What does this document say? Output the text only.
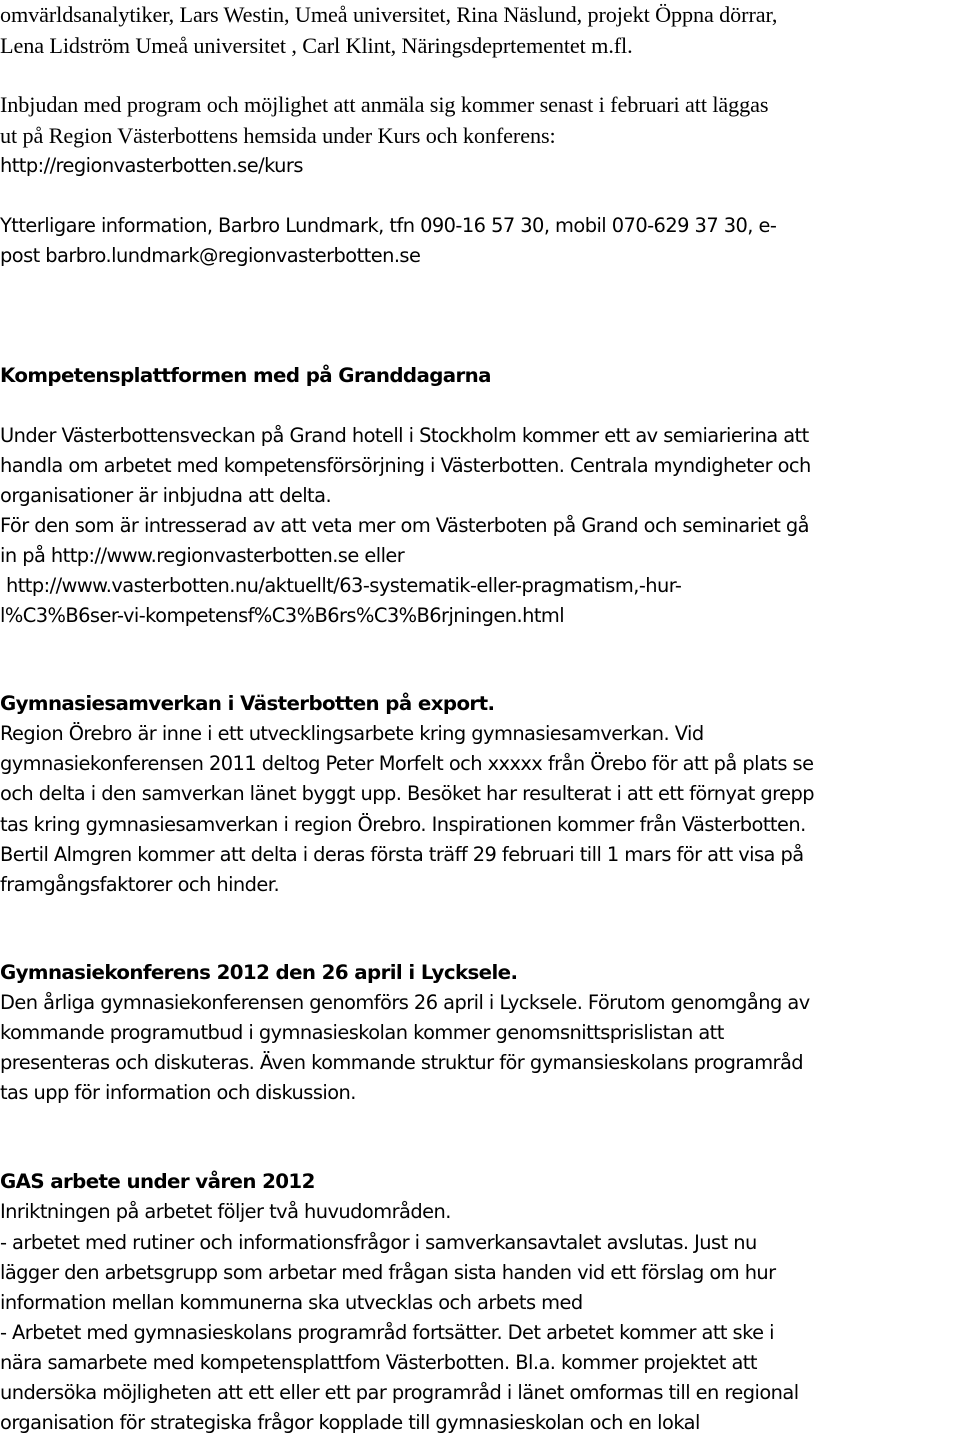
omvärldsanalytiker, Lars Westin, Umeå universitet, Rina Näslund, projekt Öppna dörrar,
Lena Lidström Umeå universitet , Carl Klint, Näringsdeprtementet m.fl.
Inbjudan med program och möjlighet att anmäla sig kommer senast i februari att läggas
ut på Region Västerbottens hemsida under Kurs och konferens:
http://regionvasterbotten.se/kurs
Ytterligare information, Barbro Lundmark, tfn 090-16 57 30, mobil 070-629 37 30, e-
post barbro.lundmark@regionvasterbotten.se
Kompetensplattformen med på Granddagarna
Under Västerbottensveckan på Grand hotell i Stockholm kommer ett av semiarierina att
handla om arbetet med kompetensförsörjning i Västerbotten. Centrala myndigheter och
organisationer är inbjudna att delta.
För den som är intresserad av att veta mer om Västerboten på Grand och seminariet gå
in på http://www.regionvasterbotten.se eller
http://www.vasterbotten.nu/aktuellt/63-systematik-eller-pragmatism,-hur-
l%C3%B6ser-vi-kompetensf%C3%B6rs%C3%B6rjningen.html
Gymnasiesamverkan i Västerbotten på export.
Region Örebro är inne i ett utvecklingsarbete kring gymnasiesamverkan. Vid
gymnasiekonferensen 2011 deltog Peter Morfelt och xxxxx från Örebo för att på plats se
och delta i den samverkan länet byggt upp. Besöket har resulterat i att ett förnyat grepp
tas kring gymnasiesamverkan i region Örebro. Inspirationen kommer från Västerbotten.
Bertil Almgren kommer att delta i deras första träff 29 februari till 1 mars för att visa på
framgångsfaktorer och hinder.
Gymnasiekonferens 2012 den 26 april i Lycksele.
Den årliga gymnasiekonferensen genomförs 26 april i Lycksele. Förutom genomgång av
kommande programutbud i gymnasieskolan kommer genomsnittsprislistan att
presenteras och diskuteras. Även kommande struktur för gymansieskolans programråd
tas upp för information och diskussion.
GAS arbete under våren 2012
Inriktningen på arbetet följer två huvudområden.
- arbetet med rutiner och informationsfrågor i samverkansavtalet avslutas. Just nu
lägger den arbetsgrupp som arbetar med frågan sista handen vid ett förslag om hur
information mellan kommunerna ska utvecklas och arbets med
- Arbetet med gymnasieskolans programråd fortsätter. Det arbetet kommer att ske i
nära samarbete med kompetensplattfom Västerbotten. Bl.a. kommer projektet att
undersöka möjligheten att ett eller ett par programråd i länet omformas till en regional
organisation för strategiska frågor kopplade till gymnasieskolan och en lokal
